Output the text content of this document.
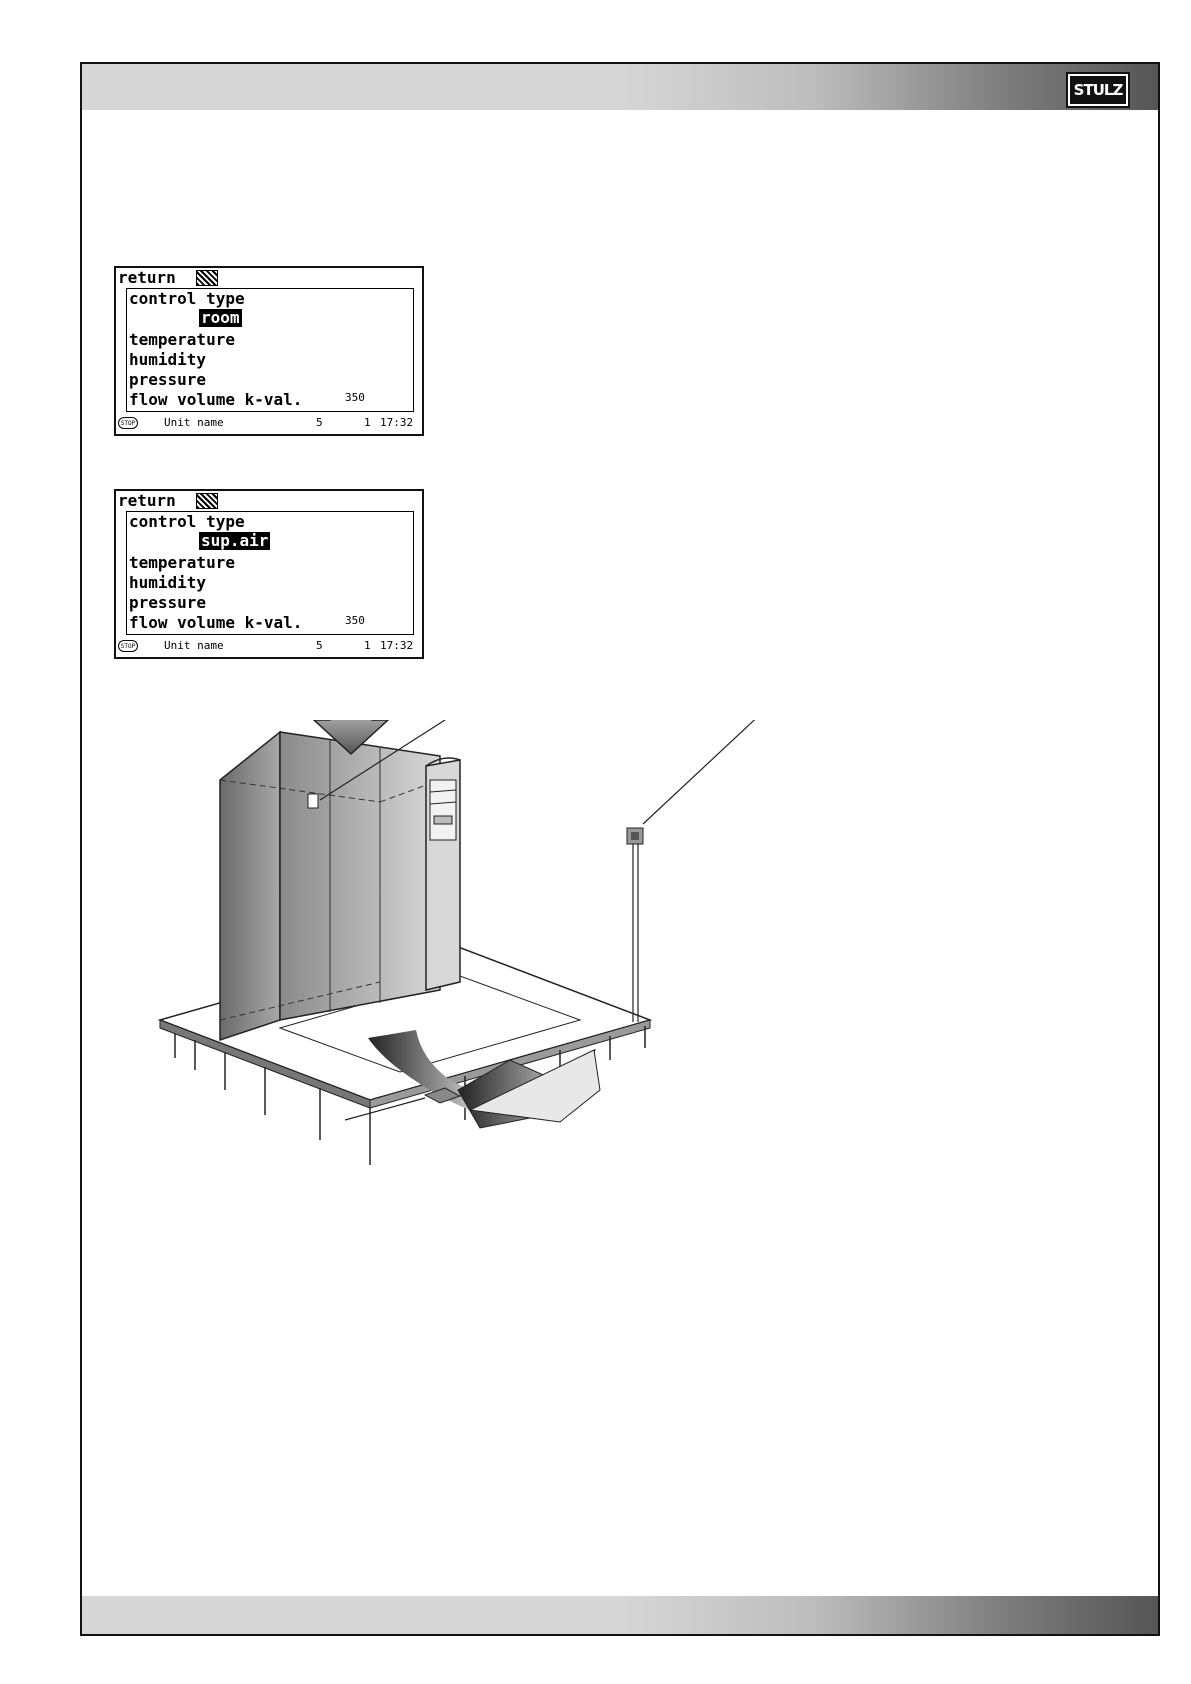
STULZ
return
control type
room
temperature
humidity
pressure
flow volume k-val.	350
STOP	Unit name	5	1 17:32
return
control type
sup.air
temperature
humidity
pressure
flow volume k-val.	350
STOP	Unit name	5	1 17:32
